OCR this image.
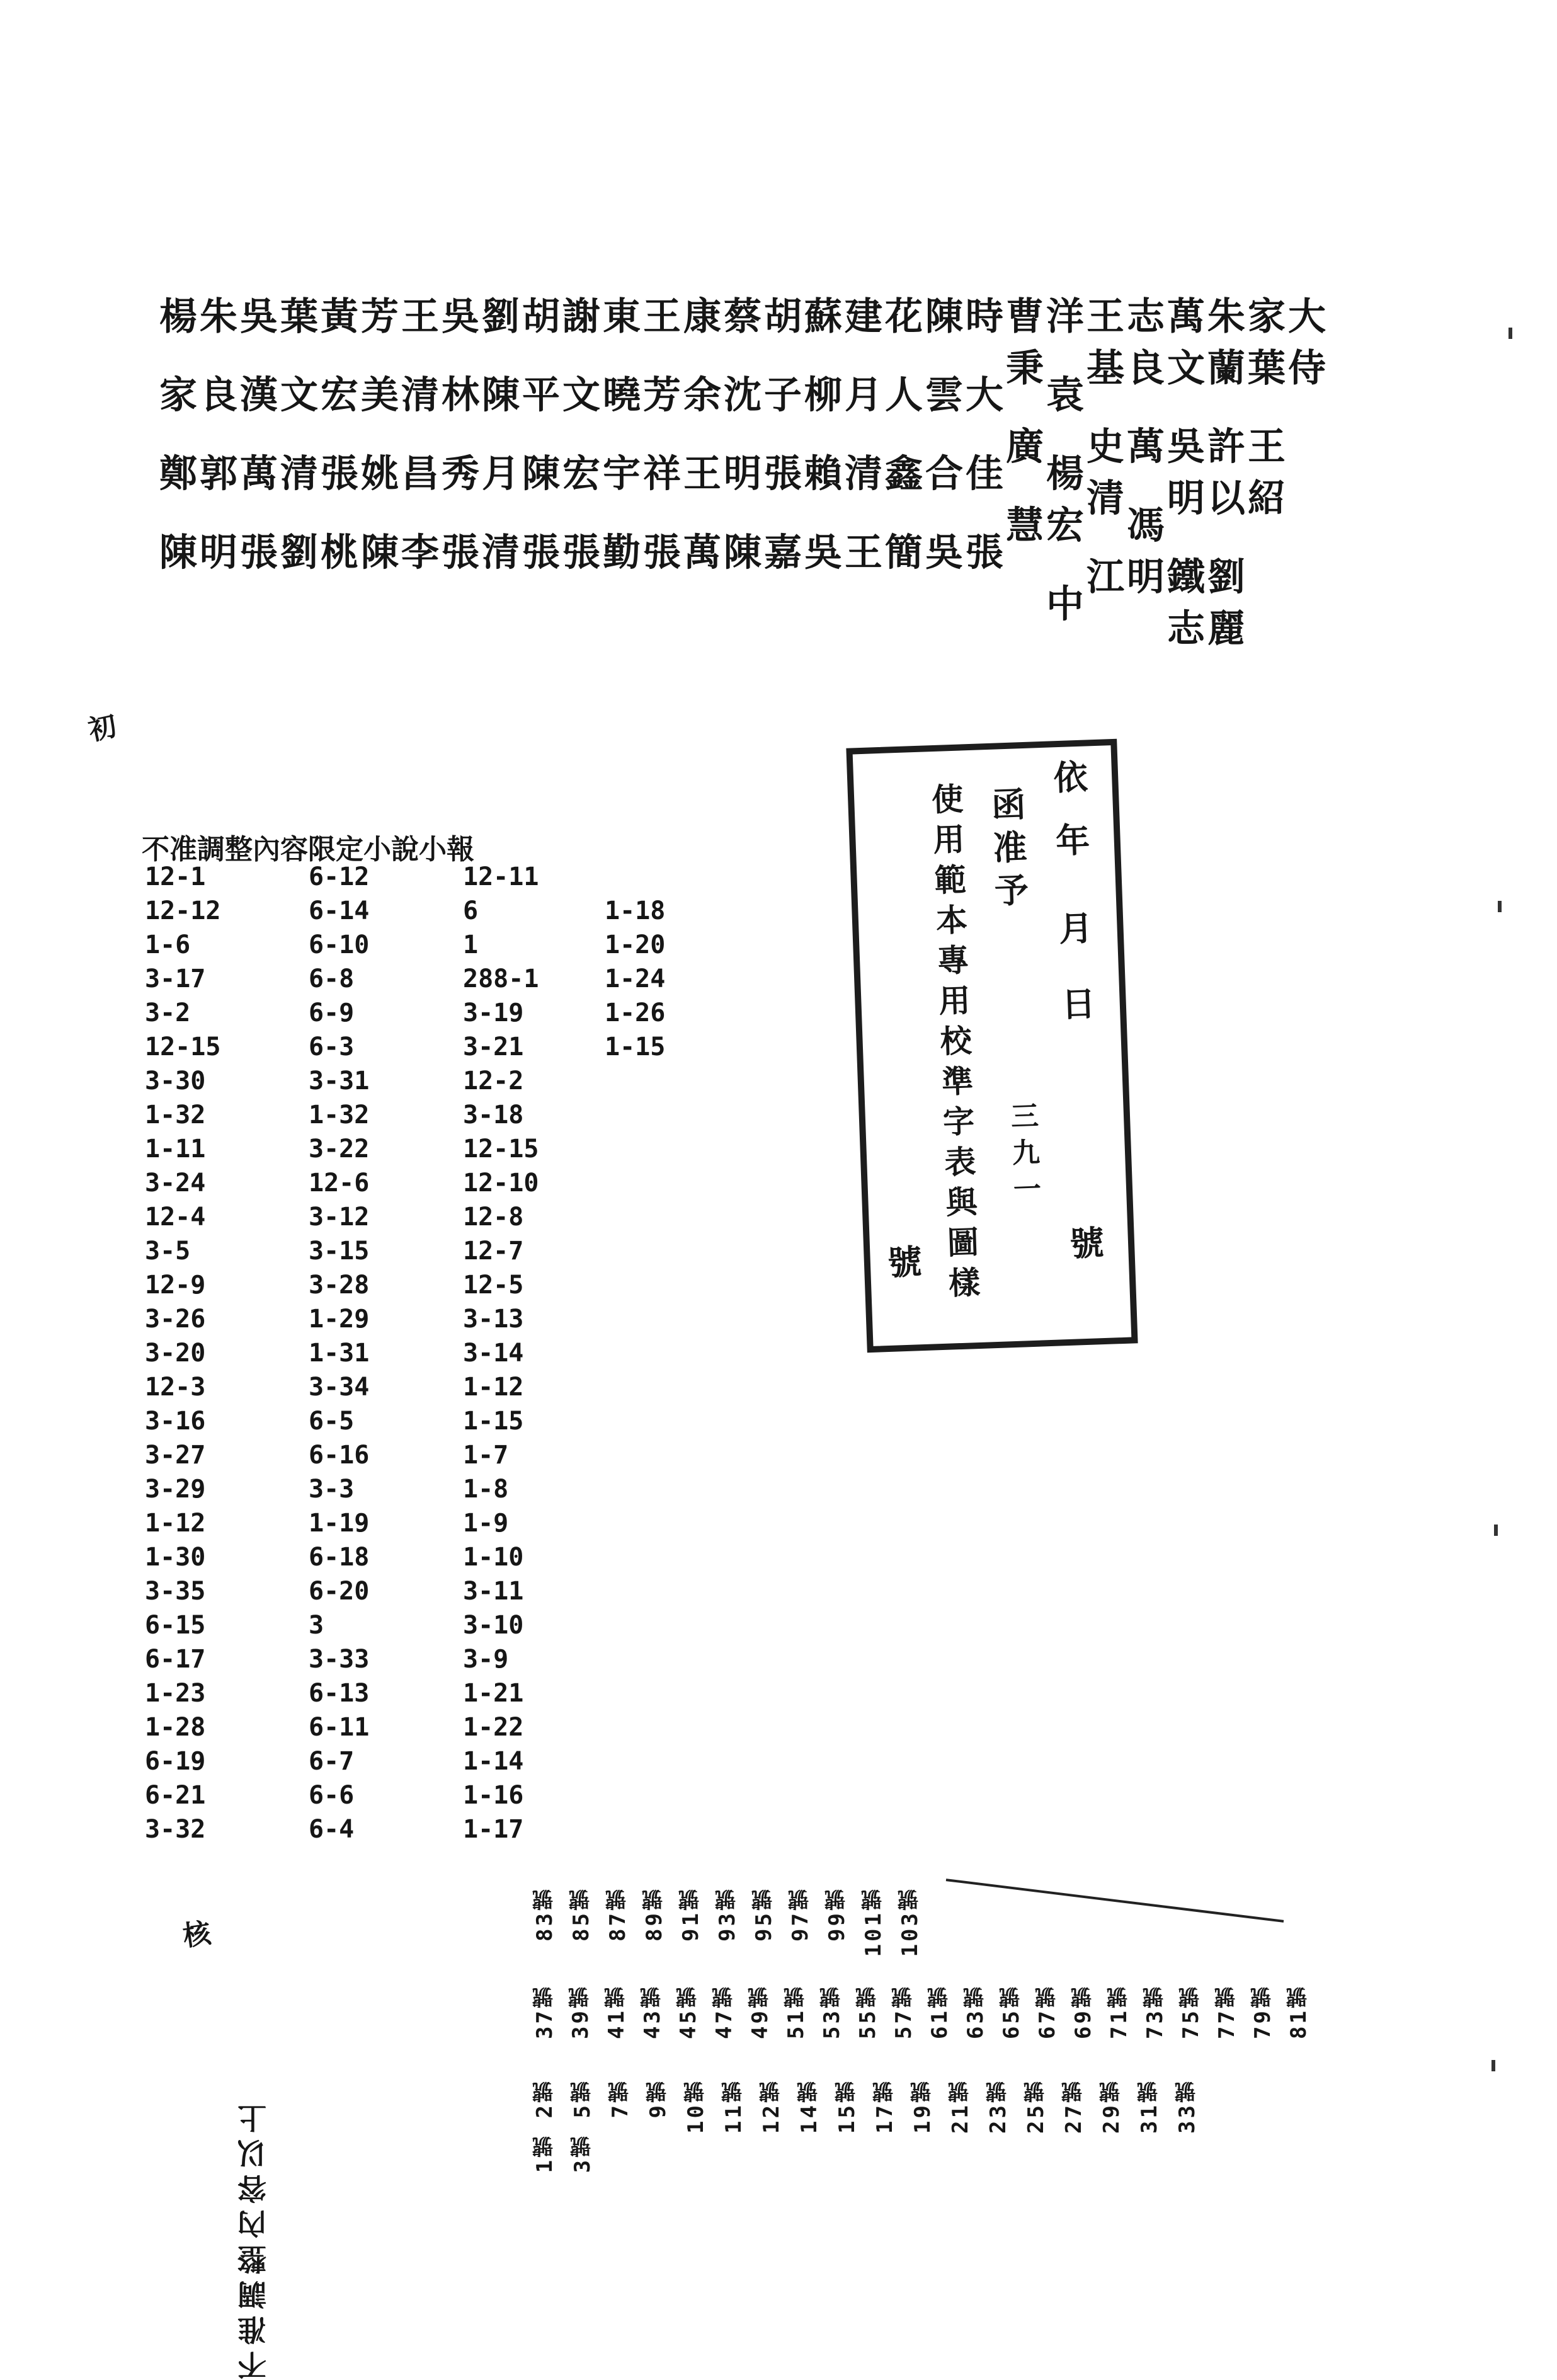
大侍
家葉 王紹
朱蘭 許以 劉麗
萬文 吳明 鐵志
志良 萬 馮明
王基 史清 江
洋 袁 楊宏 中
曹秉 廣 慧
時 大 佳 張
陳 雲 合 吳
花 人 鑫 簡
建 月 清 王
蘇 柳 賴 吳
胡 子 張 嘉
蔡 沈 明 陳
康 余 王 萬
王 芳 祥 張
東 曉 宇 勤
謝 文 宏 張
胡 平 陳 張
劉 陳 月 清
吳 林 秀 張
王 清 昌 李
芳 美 姚 陳
黃 宏 張 桃
葉 文 清 劉
吳 漢 萬 張
朱 良 郭 明
楊 家 鄭 陳
依
年
月
日
函准予
號
使用範本專用校準字表與圖樣 三九一
號
不准調整內容限定小說小報
12-1
12-12
1-6
3-17
3-2
12-15
3-30
1-32
1-11
3-24
12-4
3-5
12-9
3-26
3-20
12-3
3-16
3-27
3-29
1-12
1-30
3-35
6-15
6-17
1-23
1-28
6-19
6-21
3-32
6-12
6-14
6-10
6-8
6-9
6-3
3-31
1-32
3-22
12-6
3-12
3-15
3-28
1-29
1-31
3-34
6-5
6-16
3-3
1-19
6-18
6-20
3
3-33
6-13
6-11
6-7
6-6
6-4
12-11
6
1
288-1
3-19
3-21
12-2
3-18
12-15
12-10
12-8
12-7
12-5
3-13
3-14
1-12
1-15
1-7
1-8
1-9
1-10
3-11
3-10
3-9
1-21
1-22
1-14
1-16
1-17
1-18
1-20
1-24
1-26
1-15
1號 2號 3號 5號 7號 9號 10號 11號 12號 14號 15號 17號 19號 21號 23號 25號 27號 29號 31號 33號
37號 39號 41號 43號 45號 47號 49號 51號 53號 55號 57號 61號 63號 65號 67號 69號 71號 73號 75號 77號 79號 81號
83號 85號 87號 89號 91號 93號 95號 97號 99號 101號 103號
不准調整內容以上
初
核
